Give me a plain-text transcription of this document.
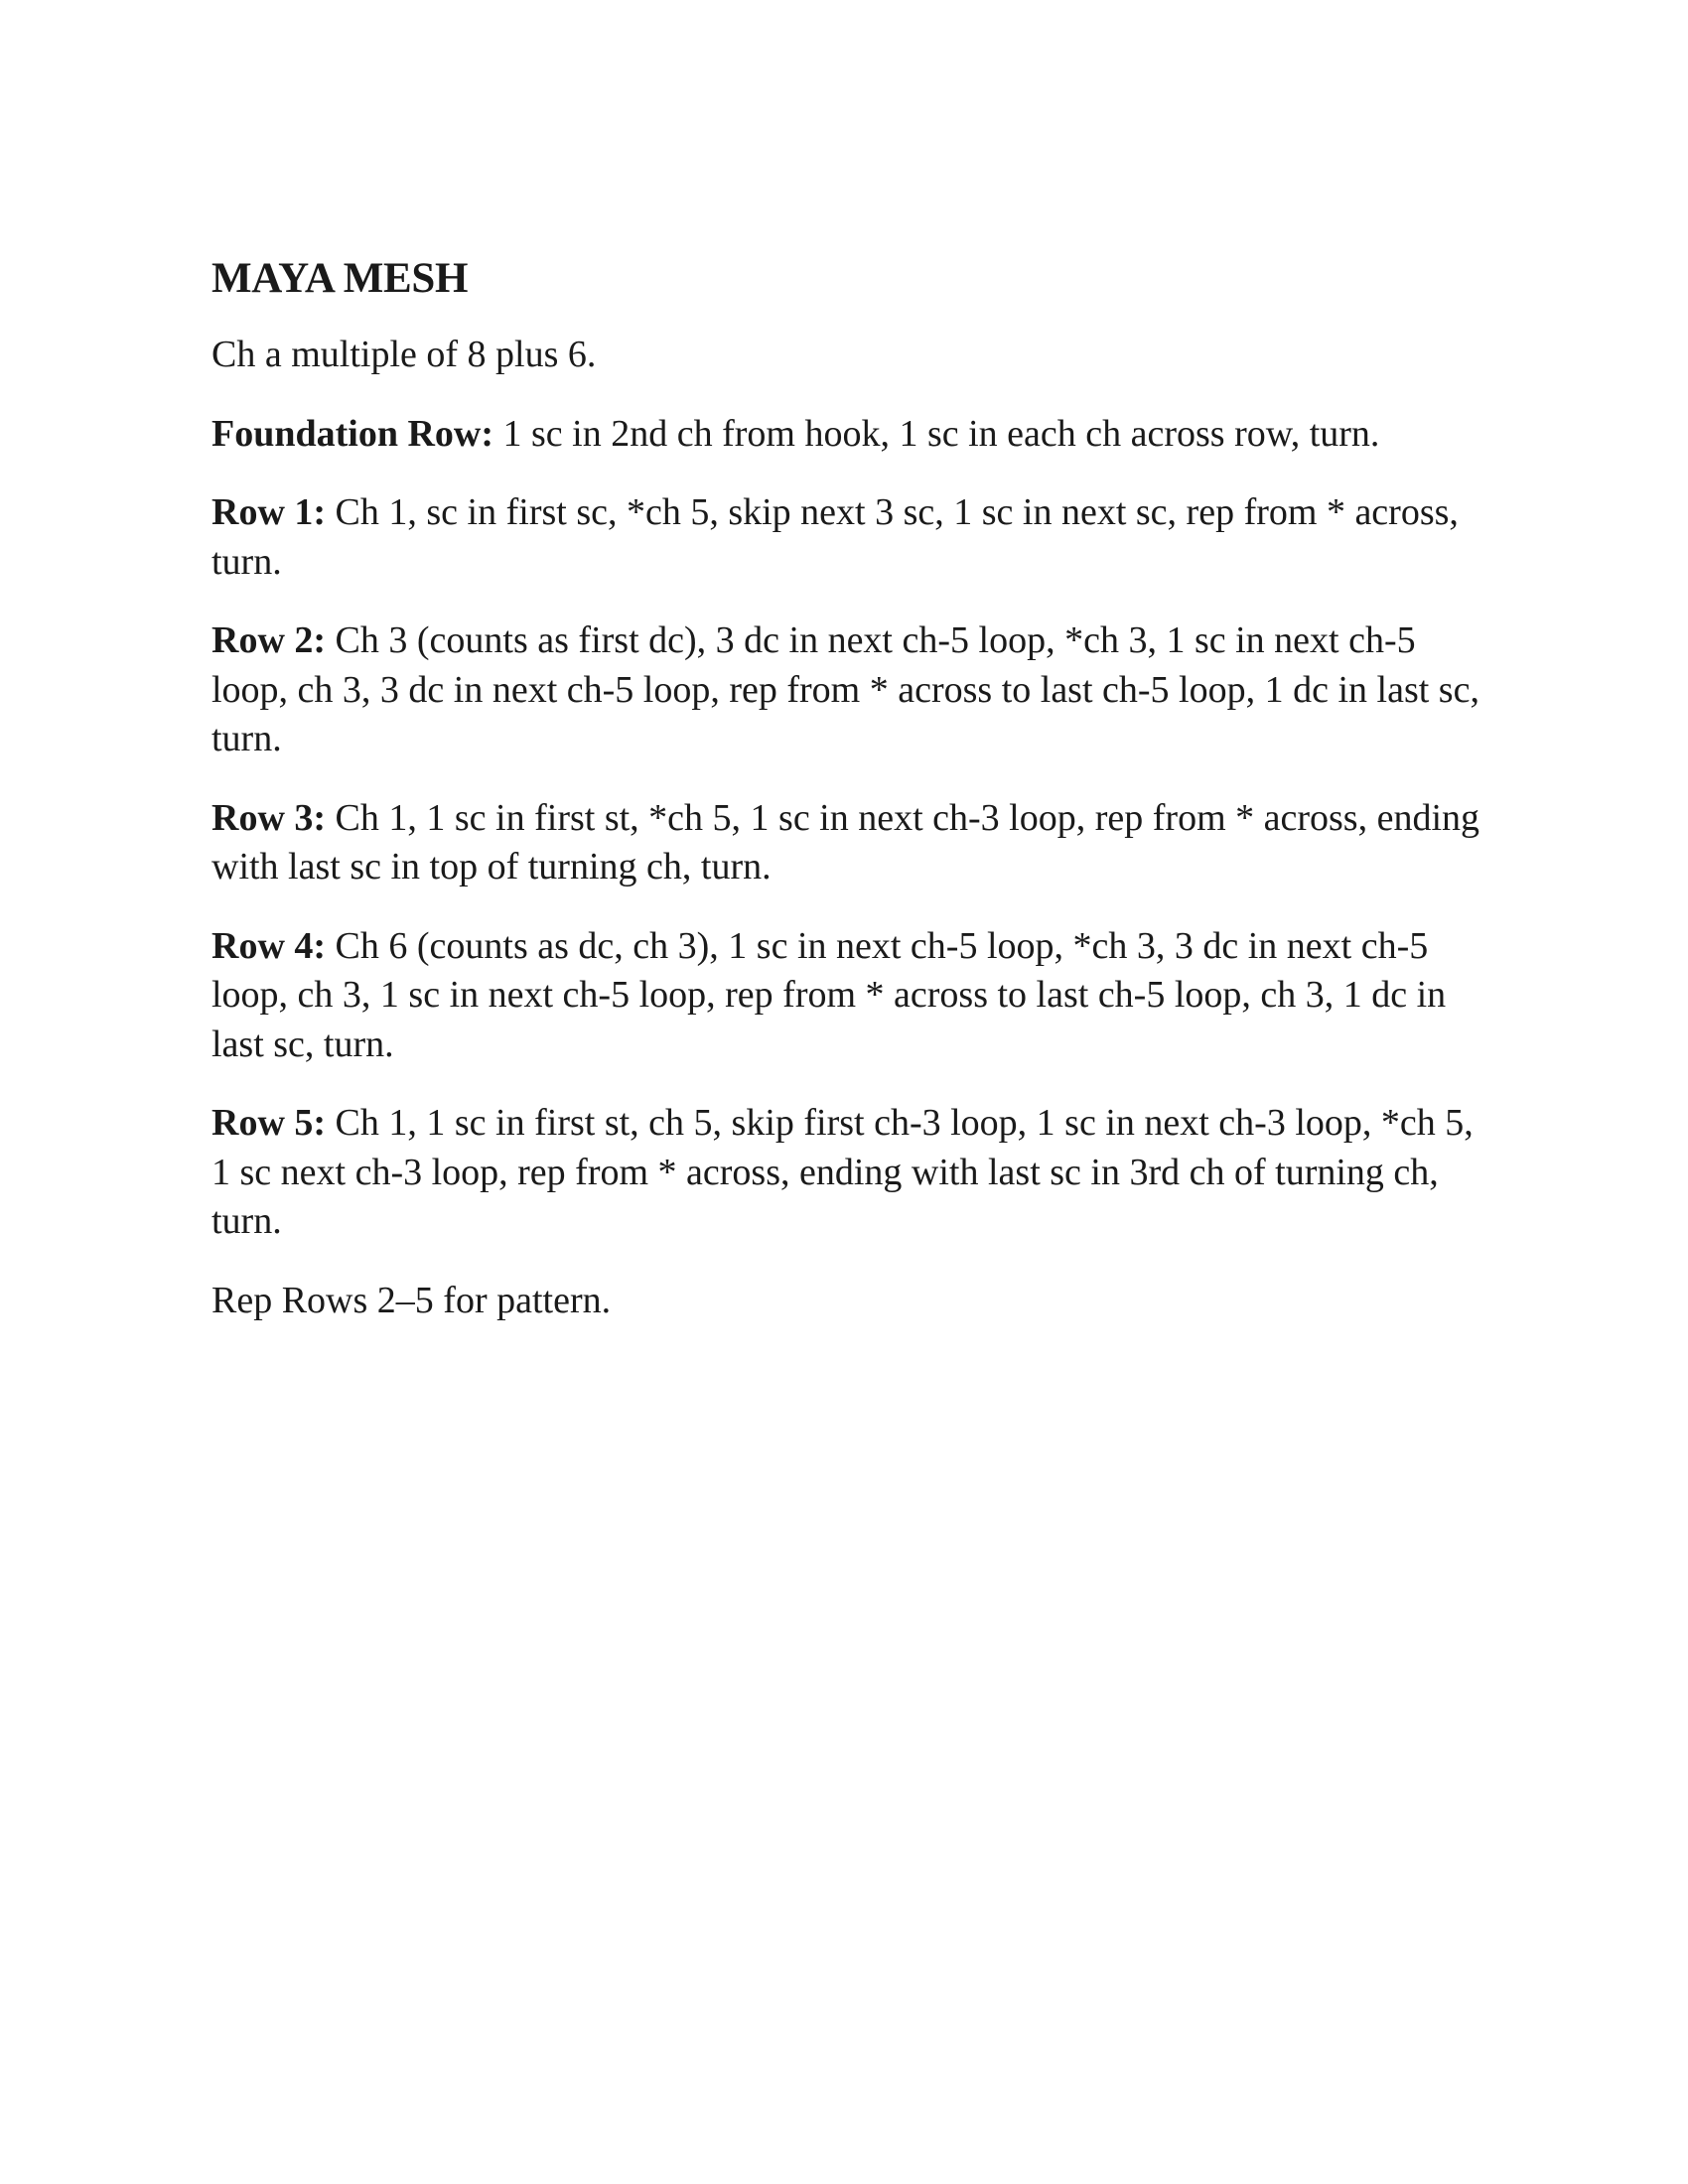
MAYA MESH

Ch a multiple of 8 plus 6.

Foundation Row: 1 sc in 2nd ch from hook, 1 sc in each ch across row, turn.

Row 1: Ch 1, sc in first sc, *ch 5, skip next 3 sc, 1 sc in next sc, rep from * across, turn.

Row 2: Ch 3 (counts as first dc), 3 dc in next ch-5 loop, *ch 3, 1 sc in next ch-5 loop, ch 3, 3 dc in next ch-5 loop, rep from * across to last ch-5 loop, 1 dc in last sc, turn.

Row 3: Ch 1, 1 sc in first st, *ch 5, 1 sc in next ch-3 loop, rep from * across, ending with last sc in top of turning ch, turn.

Row 4: Ch 6 (counts as dc, ch 3), 1 sc in next ch-5 loop, *ch 3, 3 dc in next ch-5 loop, ch 3, 1 sc in next ch-5 loop, rep from * across to last ch-5 loop, ch 3, 1 dc in last sc, turn.

Row 5: Ch 1, 1 sc in first st, ch 5, skip first ch-3 loop, 1 sc in next ch-3 loop, *ch 5, 1 sc next ch-3 loop, rep from * across, ending with last sc in 3rd ch of turning ch, turn.

Rep Rows 2–5 for pattern.
